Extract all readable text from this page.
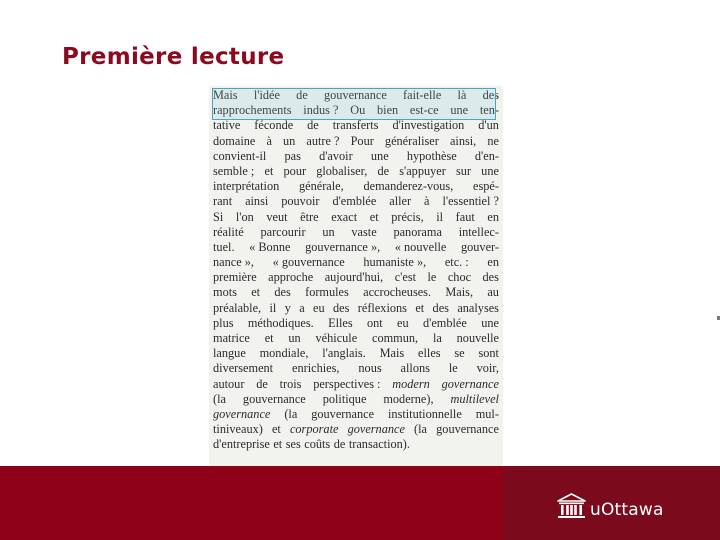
Première lecture
Mais l'idée de gouvernance fait-elle là des
rapprochements indus ? Ou bien est-ce une ten-
tative féconde de transferts d'investigation d'un
domaine à un autre ? Pour généraliser ainsi, ne
convient-il pas d'avoir une hypothèse d'en-
semble ; et pour globaliser, de s'appuyer sur une
interprétation générale, demanderez-vous, espé-
rant ainsi pouvoir d'emblée aller à l'essentiel ?
Si l'on veut être exact et précis, il faut en
réalité parcourir un vaste panorama intellec-
tuel. « Bonne gouvernance », « nouvelle gouver-
nance », « gouvernance humaniste », etc. : en
première approche aujourd'hui, c'est le choc des
mots et des formules accrocheuses. Mais, au
préalable, il y a eu des réflexions et des analyses
plus méthodiques. Elles ont eu d'emblée une
matrice et un véhicule commun, la nouvelle
langue mondiale, l'anglais. Mais elles se sont
diversement enrichies, nous allons le voir,
autour de trois perspectives : modern governance
(la gouvernance politique moderne), multilevel
governance (la gouvernance institutionnelle mul-
tiniveaux) et corporate governance (la gouvernance
d'entreprise et ses coûts de transaction).
uOttawa
